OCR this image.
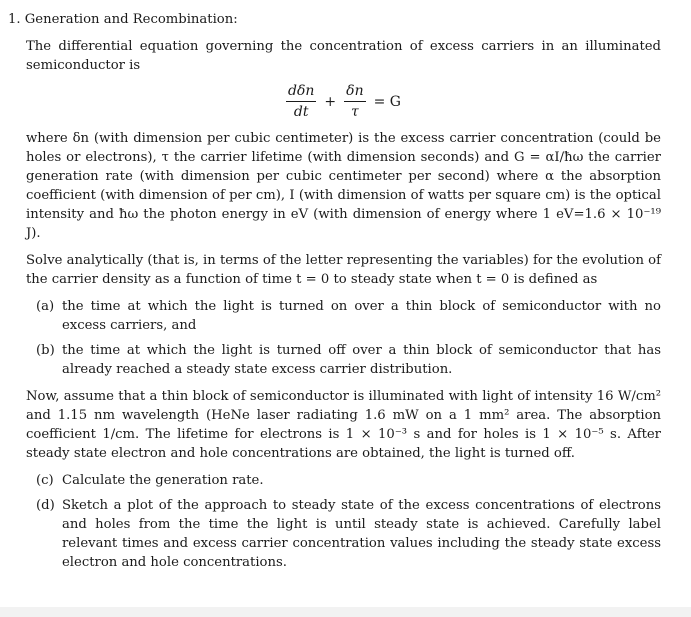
1. Generation and Recombination:
The differential equation governing the concentration of excess carriers in an illuminated semiconductor is
$\frac{\text{dδn}}{dt} + \frac{\delta n}{\tau} = G$
where δn (with dimension per cubic centimeter) is the excess carrier concentration (could be holes or electrons), τ the carrier lifetime (with dimension seconds) and G = αI/ħω the carrier generation rate (with dimension per cubic centimeter per second) where α the absorption coefficient (with dimension of per cm), I (with dimension of watts per square cm) is the optical intensity and ħω the photon energy in eV (with dimension of energy where 1 eV=1.6 × 10⁻¹⁹ J).
Solve analytically (that is, in terms of the letter representing the variables) for the evolution of the carrier density as a function of time t = 0 to steady state when t = 0 is defined as
(a) the time at which the light is turned on over a thin block of semiconductor with no excess carriers, and
(b) the time at which the light is turned off over a thin block of semiconductor that has already reached a steady state excess carrier distribution.
Now, assume that a thin block of semiconductor is illuminated with light of intensity 16 W/cm² and 1.15 nm wavelength (HeNe laser radiating 1.6 mW on a 1 mm² area. The absorption coefficient 1/cm. The lifetime for electrons is 1 × 10⁻³ s and for holes is 1 × 10⁻⁵ s. After steady state electron and hole concentrations are obtained, the light is turned off.
(c) Calculate the generation rate.
(d) Sketch a plot of the approach to steady state of the excess concentrations of electrons and holes from the time the light is until steady state is achieved. Carefully label relevant times and excess carrier concentration values including the steady state excess electron and hole concentrations.
